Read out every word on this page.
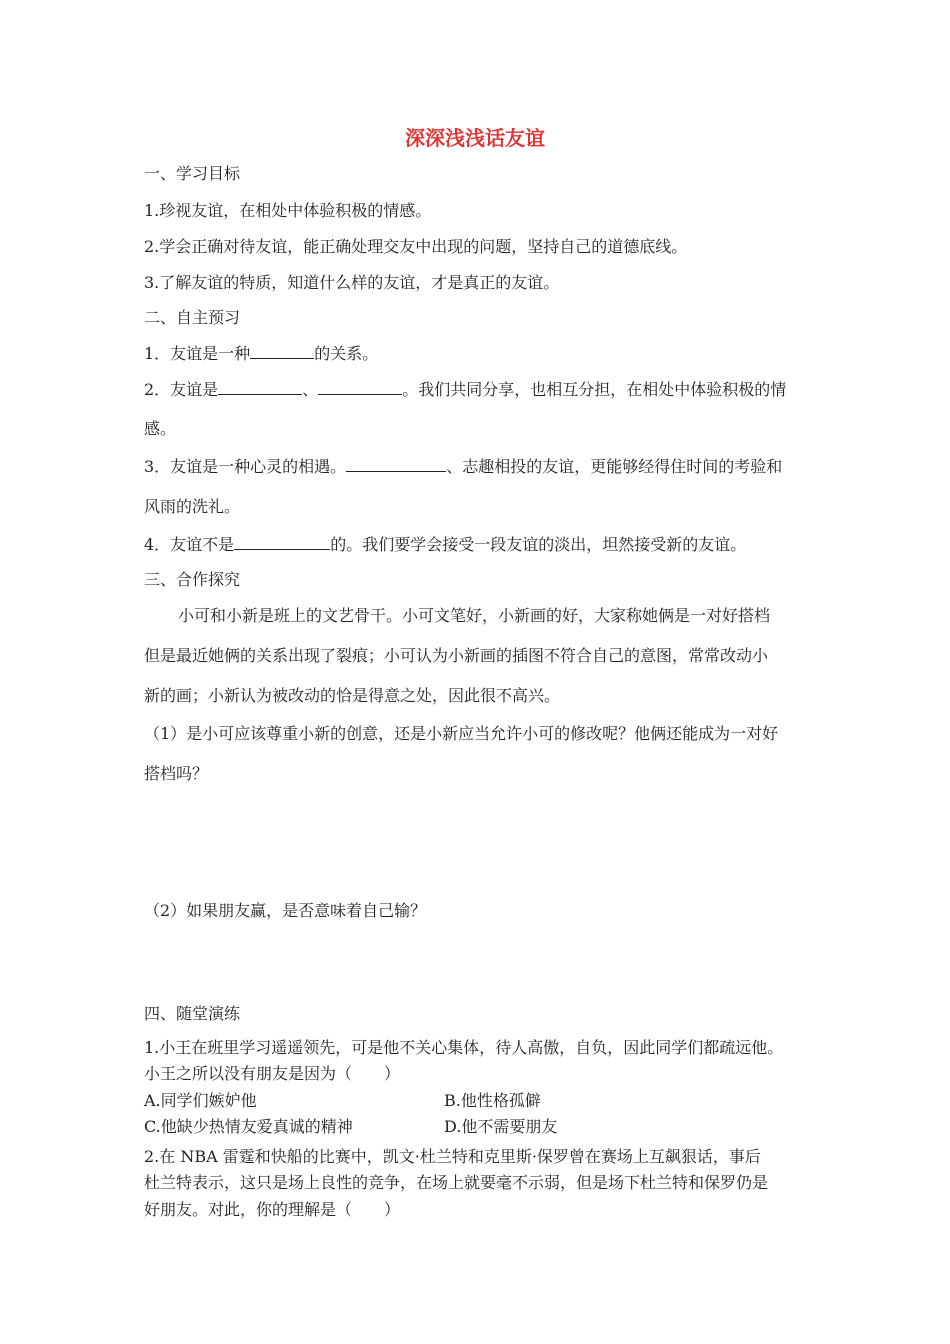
深深浅浅话友谊
一、学习目标
1.珍视友谊，在相处中体验积极的情感。
2.学会正确对待友谊，能正确处理交友中出现的问题，坚持自己的道德底线。
3.了解友谊的特质，知道什么样的友谊，才是真正的友谊。
二、自主预习
1．友谊是一种	的关系。
2．友谊是	、	。我们共同分享，也相互分担，在相处中体验积极的情
感。
3．友谊是一种心灵的相遇。	、志趣相投的友谊，更能够经得住时间的考验和
风雨的洗礼。
4．友谊不是	的。我们要学会接受一段友谊的淡出，坦然接受新的友谊。
三、合作探究
小可和小新是班上的文艺骨干。小可文笔好，小新画的好，大家称她俩是一对好搭档
但是最近她俩的关系出现了裂痕；小可认为小新画的插图不符合自己的意图，常常改动小
新的画；小新认为被改动的恰是得意之处，因此很不高兴。
（1）是小可应该尊重小新的创意，还是小新应当允许小可的修改呢？他俩还能成为一对好
搭档吗？
（2）如果朋友赢，是否意味着自己输？
四、随堂演练
1.小王在班里学习遥遥领先，可是他不关心集体，待人高傲，自负，因此同学们都疏远他。
小王之所以没有朋友是因为（　　）
A.同学们嫉妒他	B.他性格孤僻
C.他缺少热情友爱真诚的精神	D.他不需要朋友
2.在 NBA 雷霆和快船的比赛中，凯文·杜兰特和克里斯·保罗曾在赛场上互飙狠话，事后
杜兰特表示，这只是场上良性的竞争，在场上就要毫不示弱，但是场下杜兰特和保罗仍是
好朋友。对此，你的理解是（　　）
